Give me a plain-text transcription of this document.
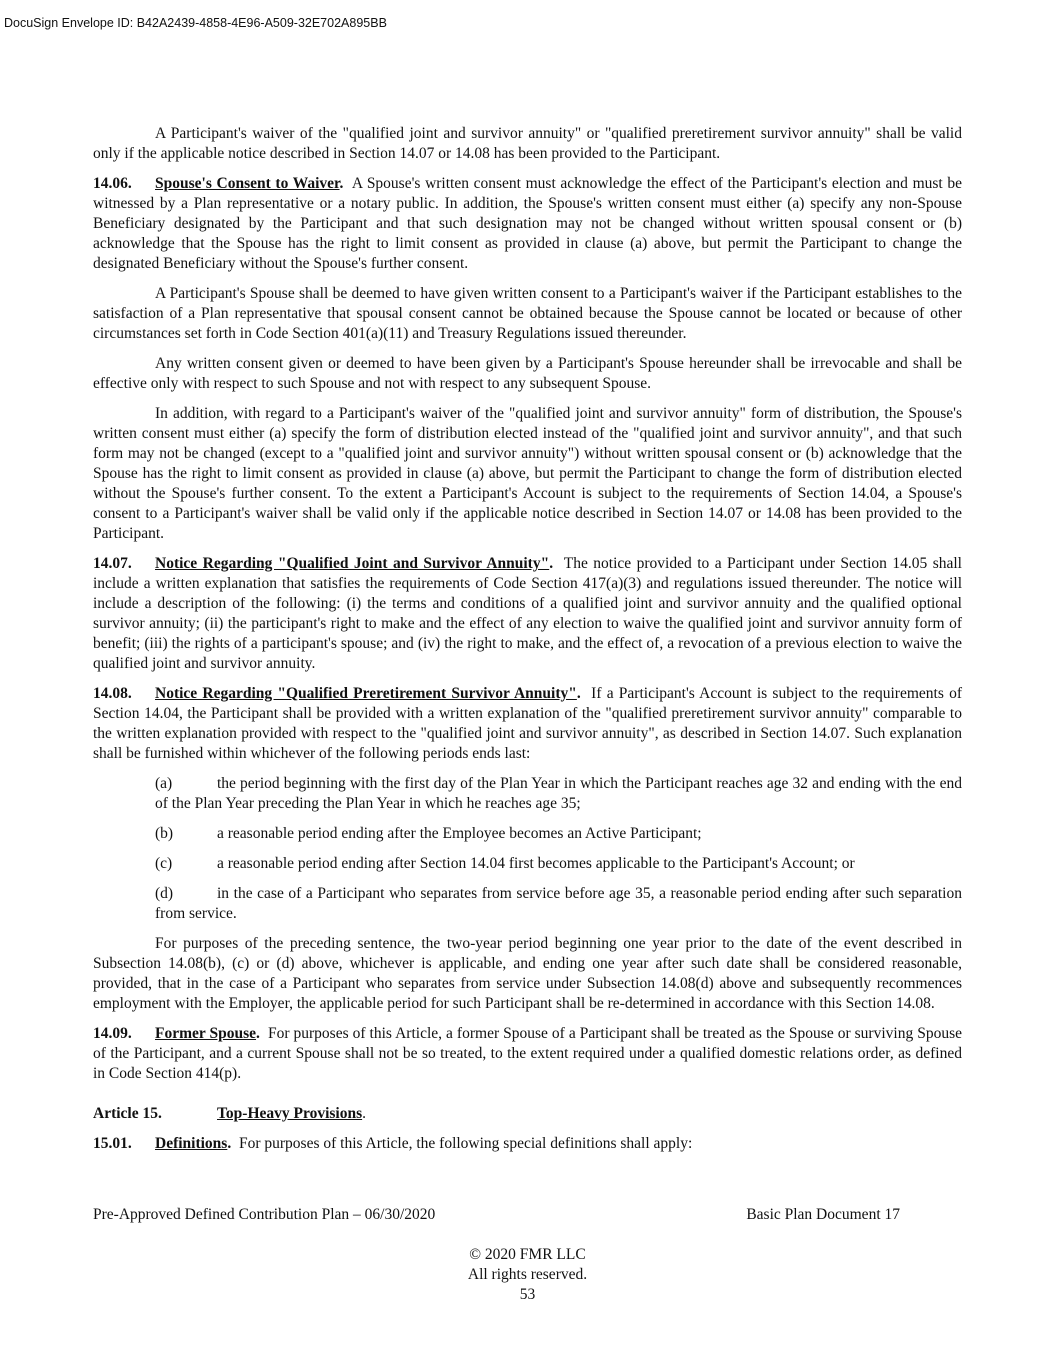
DocuSign Envelope ID: B42A2439-4858-4E96-A509-32E702A895BB

A Participant's waiver of the "qualified joint and survivor annuity" or "qualified preretirement survivor annuity" shall be valid only if the applicable notice described in Section 14.07 or 14.08 has been provided to the Participant.

14.06. Spouse's Consent to Waiver. A Spouse's written consent must acknowledge the effect of the Participant's election and must be witnessed by a Plan representative or a notary public. In addition, the Spouse's written consent must either (a) specify any non-Spouse Beneficiary designated by the Participant and that such designation may not be changed without written spousal consent or (b) acknowledge that the Spouse has the right to limit consent as provided in clause (a) above, but permit the Participant to change the designated Beneficiary without the Spouse's further consent.

A Participant's Spouse shall be deemed to have given written consent to a Participant's waiver if the Participant establishes to the satisfaction of a Plan representative that spousal consent cannot be obtained because the Spouse cannot be located or because of other circumstances set forth in Code Section 401(a)(11) and Treasury Regulations issued thereunder.

Any written consent given or deemed to have been given by a Participant's Spouse hereunder shall be irrevocable and shall be effective only with respect to such Spouse and not with respect to any subsequent Spouse.

In addition, with regard to a Participant's waiver of the "qualified joint and survivor annuity" form of distribution, the Spouse's written consent must either (a) specify the form of distribution elected instead of the "qualified joint and survivor annuity", and that such form may not be changed (except to a "qualified joint and survivor annuity") without written spousal consent or (b) acknowledge that the Spouse has the right to limit consent as provided in clause (a) above, but permit the Participant to change the form of distribution elected without the Spouse's further consent. To the extent a Participant's Account is subject to the requirements of Section 14.04, a Spouse's consent to a Participant's waiver shall be valid only if the applicable notice described in Section 14.07 or 14.08 has been provided to the Participant.

14.07. Notice Regarding "Qualified Joint and Survivor Annuity". The notice provided to a Participant under Section 14.05 shall include a written explanation that satisfies the requirements of Code Section 417(a)(3) and regulations issued thereunder. The notice will include a description of the following: (i) the terms and conditions of a qualified joint and survivor annuity and the qualified optional survivor annuity; (ii) the participant's right to make and the effect of any election to waive the qualified joint and survivor annuity form of benefit; (iii) the rights of a participant's spouse; and (iv) the right to make, and the effect of, a revocation of a previous election to waive the qualified joint and survivor annuity.

14.08. Notice Regarding "Qualified Preretirement Survivor Annuity". If a Participant's Account is subject to the requirements of Section 14.04, the Participant shall be provided with a written explanation of the "qualified preretirement survivor annuity" comparable to the written explanation provided with respect to the "qualified joint and survivor annuity", as described in Section 14.07. Such explanation shall be furnished within whichever of the following periods ends last:

(a)	the period beginning with the first day of the Plan Year in which the Participant reaches age 32 and ending with the end of the Plan Year preceding the Plan Year in which he reaches age 35;

(b)	a reasonable period ending after the Employee becomes an Active Participant;

(c)	a reasonable period ending after Section 14.04 first becomes applicable to the Participant's Account; or

(d)	in the case of a Participant who separates from service before age 35, a reasonable period ending after such separation from service.

For purposes of the preceding sentence, the two-year period beginning one year prior to the date of the event described in Subsection 14.08(b), (c) or (d) above, whichever is applicable, and ending one year after such date shall be considered reasonable, provided, that in the case of a Participant who separates from service under Subsection 14.08(d) above and subsequently recommences employment with the Employer, the applicable period for such Participant shall be re-determined in accordance with this Section 14.08.

14.09. Former Spouse. For purposes of this Article, a former Spouse of a Participant shall be treated as the Spouse or surviving Spouse of the Participant, and a current Spouse shall not be so treated, to the extent required under a qualified domestic relations order, as defined in Code Section 414(p).

Article 15.	Top-Heavy Provisions.

15.01. Definitions. For purposes of this Article, the following special definitions shall apply:

Pre-Approved Defined Contribution Plan – 06/30/2020	Basic Plan Document 17
© 2020 FMR LLC
All rights reserved.
53
